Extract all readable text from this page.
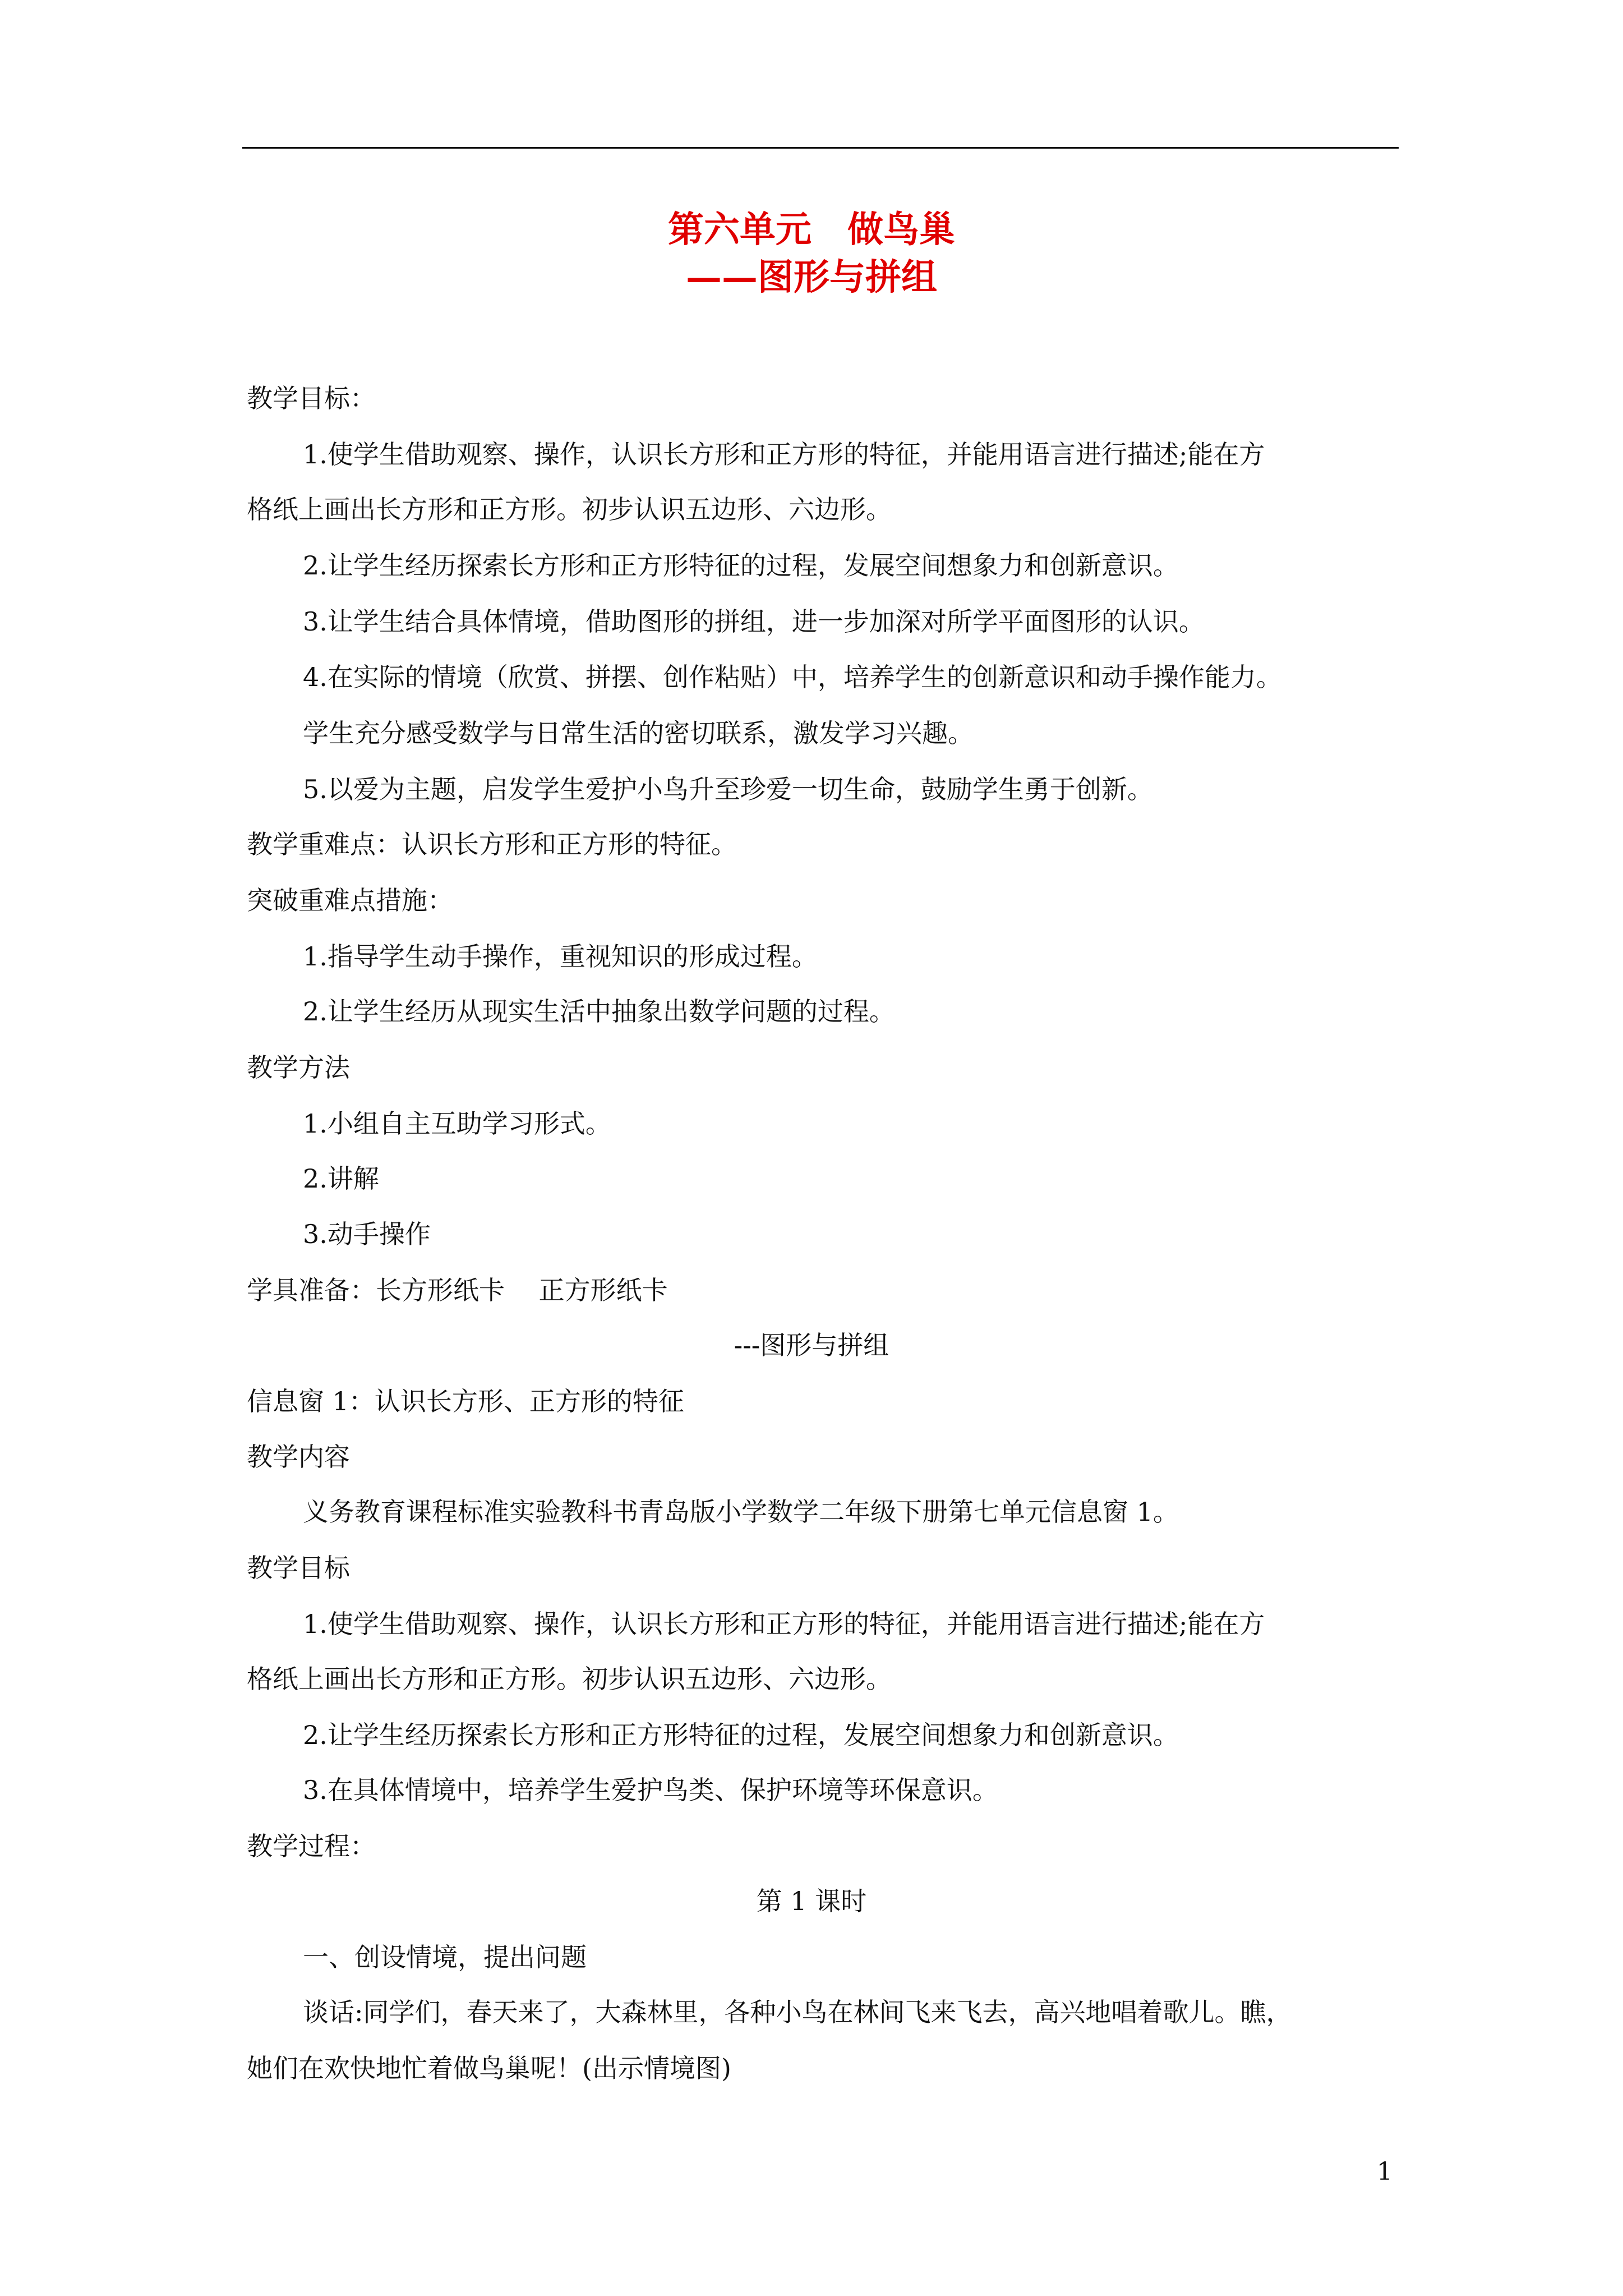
第六单元　做鸟巢
——图形与拼组
教学目标：
1.使学生借助观察、操作，认识长方形和正方形的特征，并能用语言进行描述;能在方
格纸上画出长方形和正方形。初步认识五边形、六边形。
2.让学生经历探索长方形和正方形特征的过程，发展空间想象力和创新意识。
3.让学生结合具体情境，借助图形的拼组，进一步加深对所学平面图形的认识。
4.在实际的情境（欣赏、拼摆、创作粘贴）中，培养学生的创新意识和动手操作能力。
学生充分感受数学与日常生活的密切联系，激发学习兴趣。
5.以爱为主题，启发学生爱护小鸟升至珍爱一切生命，鼓励学生勇于创新。
教学重难点：认识长方形和正方形的特征。
突破重难点措施：
1.指导学生动手操作，重视知识的形成过程。
2.让学生经历从现实生活中抽象出数学问题的过程。
教学方法
1.小组自主互助学习形式。
2.讲解
3.动手操作
学具准备：长方形纸卡　 正方形纸卡
---图形与拼组
信息窗 1：认识长方形、正方形的特征
教学内容
义务教育课程标准实验教科书青岛版小学数学二年级下册第七单元信息窗 1。
教学目标
1.使学生借助观察、操作，认识长方形和正方形的特征，并能用语言进行描述;能在方
格纸上画出长方形和正方形。初步认识五边形、六边形。
2.让学生经历探索长方形和正方形特征的过程，发展空间想象力和创新意识。
3.在具体情境中，培养学生爱护鸟类、保护环境等环保意识。
教学过程：
第 1 课时
一、创设情境，提出问题
谈话:同学们，春天来了，大森林里，各种小鸟在林间飞来飞去，高兴地唱着歌儿。瞧，
她们在欢快地忙着做鸟巢呢！(出示情境图)
1
